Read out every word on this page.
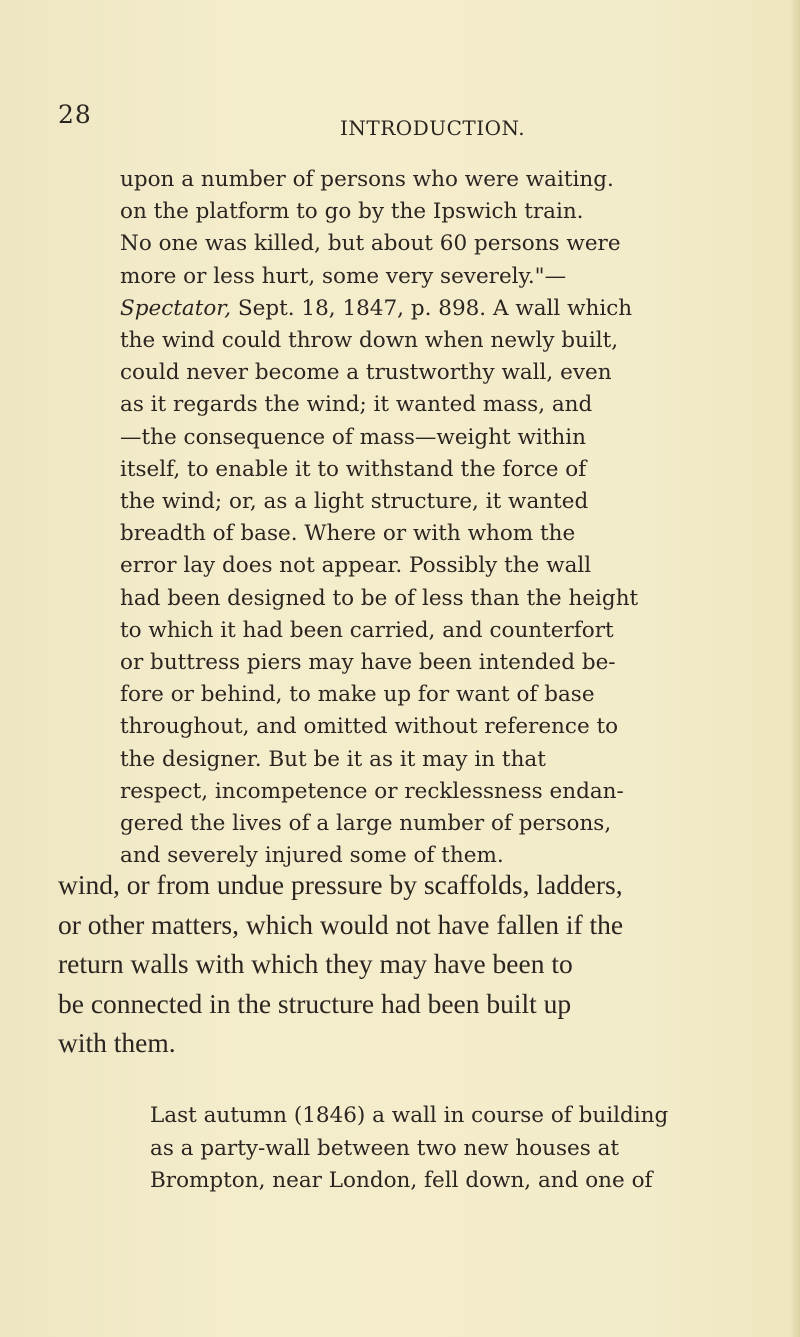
28	INTRODUCTION.
upon a number of persons who were waiting.
on the platform to go by the Ipswich train.
No one was killed, but about 60 persons were
more or less hurt, some very severely."—
Spectator, Sept. 18, 1847, p. 898. A wall which
the wind could throw down when newly built,
could never become a trustworthy wall, even
as it regards the wind; it wanted mass, and
—the consequence of mass—weight within
itself, to enable it to withstand the force of
the wind; or, as a light structure, it wanted
breadth of base. Where or with whom the
error lay does not appear. Possibly the wall
had been designed to be of less than the height
to which it had been carried, and counterfort
or buttress piers may have been intended be-
fore or behind, to make up for want of base
throughout, and omitted without reference to
the designer. But be it as it may in that
respect, incompetence or recklessness endan-
gered the lives of a large number of persons,
and severely injured some of them.
wind, or from undue pressure by scaffolds, ladders,
or other matters, which would not have fallen if the
return walls with which they may have been to
be connected in the structure had been built up
with them.
Last autumn (1846) a wall in course of building
as a party-wall between two new houses at
Brompton, near London, fell down, and one of
